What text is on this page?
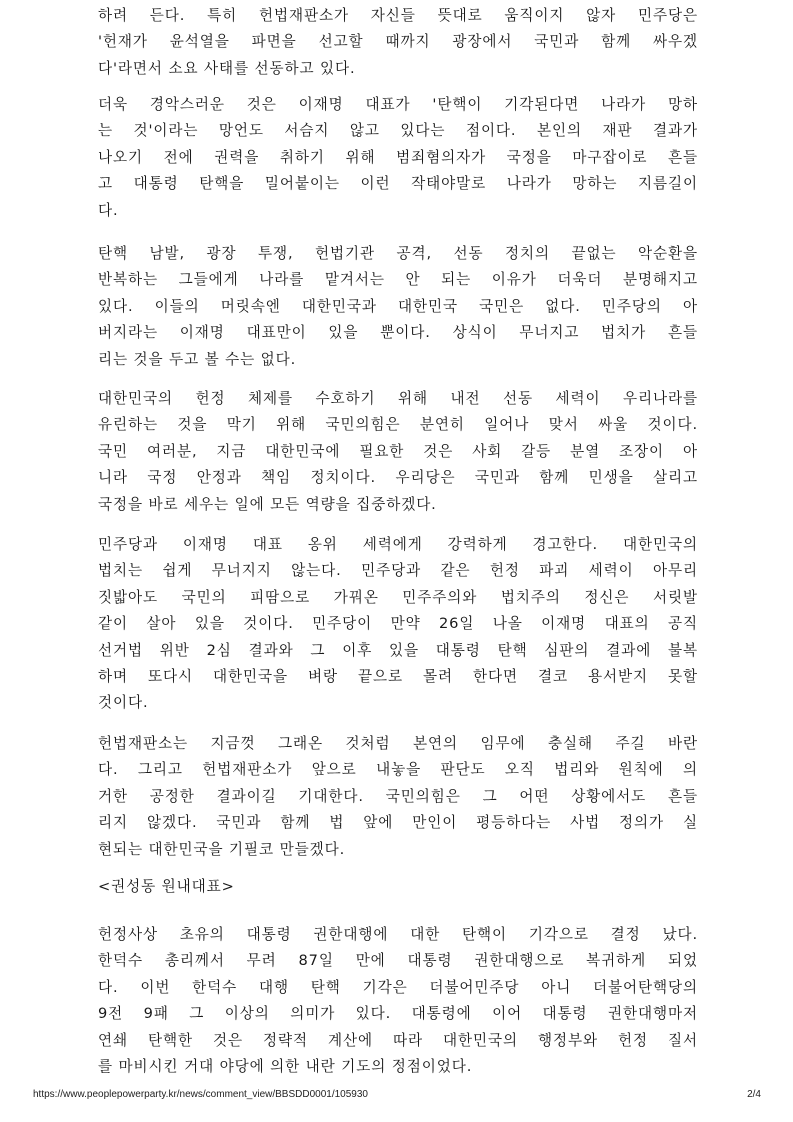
하려 든다. 특히 헌법재판소가 자신들 뜻대로 움직이지 않자 민주당은
'헌재가 윤석열을 파면을 선고할 때까지 광장에서 국민과 함께 싸우겠
다'라면서 소요 사태를 선동하고 있다.
더욱 경악스러운 것은 이재명 대표가 '탄핵이 기각된다면 나라가 망하
는 것'이라는 망언도 서슴지 않고 있다는 점이다. 본인의 재판 결과가
나오기 전에 권력을 취하기 위해 범죄혐의자가 국정을 마구잡이로 흔들
고 대통령 탄핵을 밀어붙이는 이런 작태야말로 나라가 망하는 지름길이
다.
탄핵 남발, 광장 투쟁, 헌법기관 공격, 선동 정치의 끝없는 악순환을
반복하는 그들에게 나라를 맡겨서는 안 되는 이유가 더욱더 분명해지고
있다. 이들의 머릿속엔 대한민국과 대한민국 국민은 없다. 민주당의 아
버지라는 이재명 대표만이 있을 뿐이다. 상식이 무너지고 법치가 흔들
리는 것을 두고 볼 수는 없다.
대한민국의 헌정 체제를 수호하기 위해 내전 선동 세력이 우리나라를
유린하는 것을 막기 위해 국민의힘은 분연히 일어나 맞서 싸울 것이다.
국민 여러분, 지금 대한민국에 필요한 것은 사회 갈등 분열 조장이 아
니라 국정 안정과 책임 정치이다. 우리당은 국민과 함께 민생을 살리고
국정을 바로 세우는 일에 모든 역량을 집중하겠다.
민주당과 이재명 대표 옹위 세력에게 강력하게 경고한다. 대한민국의
법치는 쉽게 무너지지 않는다. 민주당과 같은 헌정 파괴 세력이 아무리
짓밟아도 국민의 피땀으로 가꿔온 민주주의와 법치주의 정신은 서릿발
같이 살아 있을 것이다. 민주당이 만약 26일 나올 이재명 대표의 공직
선거법 위반 2심 결과와 그 이후 있을 대통령 탄핵 심판의 결과에 불복
하며 또다시 대한민국을 벼랑 끝으로 몰려 한다면 결코 용서받지 못할
것이다.
헌법재판소는 지금껏 그래온 것처럼 본연의 임무에 충실해 주길 바란
다. 그리고 헌법재판소가 앞으로 내놓을 판단도 오직 법리와 원칙에 의
거한 공정한 결과이길 기대한다. 국민의힘은 그 어떤 상황에서도 흔들
리지 않겠다. 국민과 함께 법 앞에 만인이 평등하다는 사법 정의가 실
현되는 대한민국을 기필코 만들겠다.
<권성동 원내대표>
헌정사상 초유의 대통령 권한대행에 대한 탄핵이 기각으로 결정 났다.
한덕수 총리께서 무려 87일 만에 대통령 권한대행으로 복귀하게 되었
다. 이번 한덕수 대행 탄핵 기각은 더불어민주당 아니 더불어탄핵당의
9전 9패 그 이상의 의미가 있다. 대통령에 이어 대통령 권한대행마저
연쇄 탄핵한 것은 정략적 계산에 따라 대한민국의 행정부와 헌정 질서
를 마비시킨 거대 야당에 의한 내란 기도의 정점이었다.
https://www.peoplepowerparty.kr/news/comment_view/BBSDD0001/105930	2/4
